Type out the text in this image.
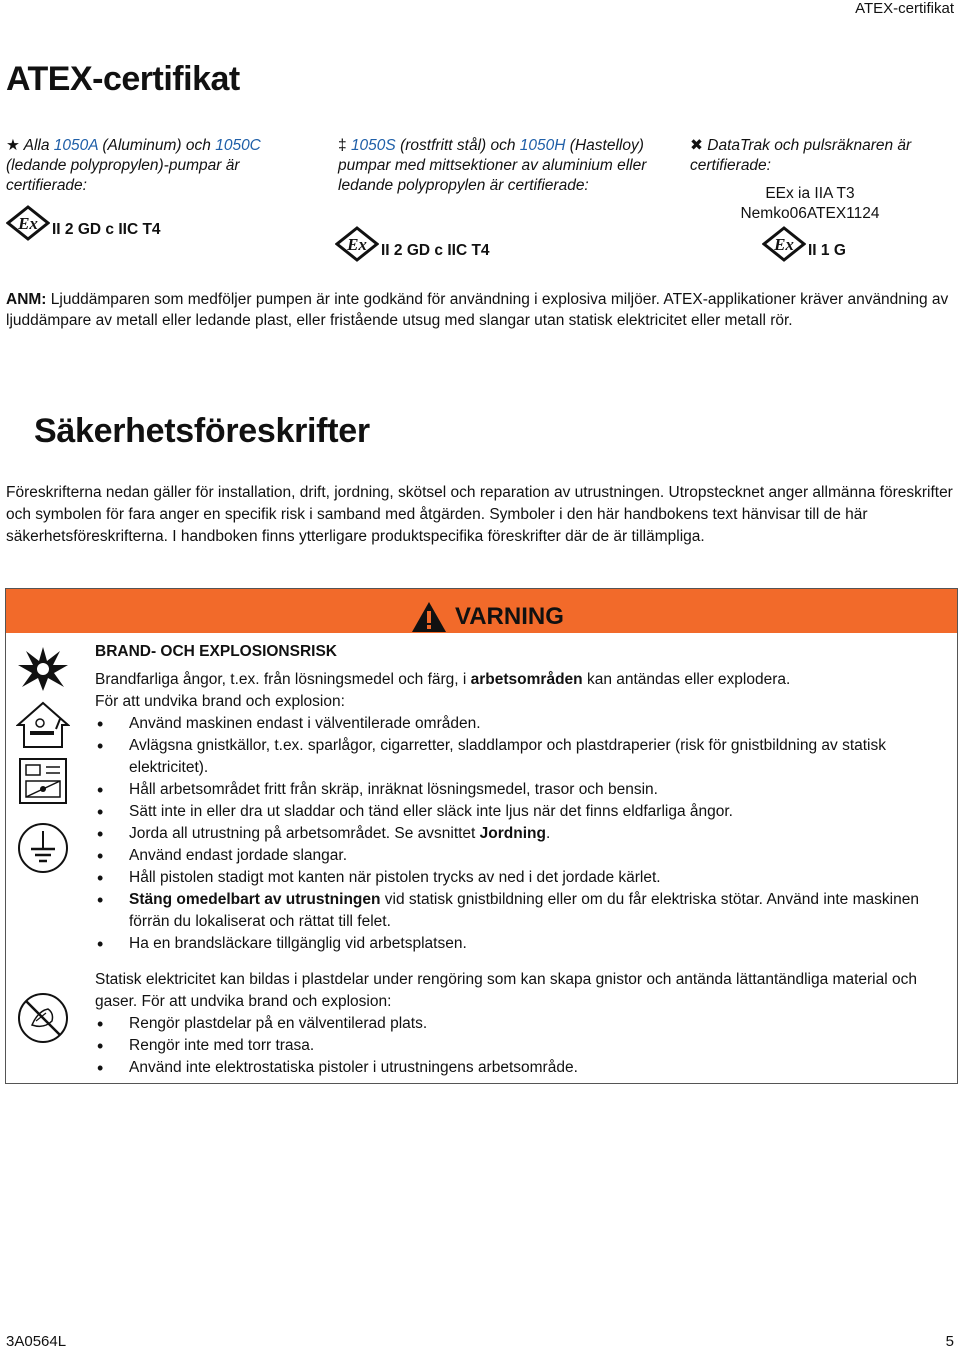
ATEX-certifikat
ATEX-certifikat

★ Alla 1050A (Aluminum) och 1050C (ledande polypropylen)-pumpar är certifierade:

Ex II 2 GD c IIC T4

‡ 1050S (rostfritt stål) och 1050H (Hastelloy) pumpar med mittsektioner av aluminium eller ledande polypropylen är certifierade:

Ex II 2 GD c IIC T4

✖ DataTrak och pulsräknaren är certifierade:

EEx ia IIA T3

Nemko06ATEX1124

Ex II 1 G

ANM: Ljuddämparen som medföljer pumpen är inte godkänd för användning i explosiva miljöer. ATEX-applikationer kräver användning av ljuddämpare av metall eller ledande plast, eller fristående utsug med slangar utan statisk elektricitet eller metall rör.

Säkerhetsföreskrifter

Föreskrifterna nedan gäller för installation, drift, jordning, skötsel och reparation av utrustningen. Utropstecknet anger allmänna föreskrifter och symbolen för fara anger en specifik risk i samband med åtgärden. Symboler i den här handbokens text hänvisar till de här säkerhetsföreskrifterna. I handboken finns ytterligare produktspecifika föreskrifter där de är tillämpliga.

VARNING

BRAND- OCH EXPLOSIONSRISK

Brandfarliga ångor, t.ex. från lösningsmedel och färg, i arbetsområden kan antändas eller explodera.

För att undvika brand och explosion:

• Använd maskinen endast i välventilerade områden.
• Avlägsna gnistkällor, t.ex. sparlågor, cigarretter, sladdlampor och plastdraperier (risk för gnistbildning av statisk elektricitet).
• Håll arbetsområdet fritt från skräp, inräknat lösningsmedel, trasor och bensin.
• Sätt inte in eller dra ut sladdar och tänd eller släck inte ljus när det finns eldfarliga ångor.
• Jorda all utrustning på arbetsområdet. Se avsnittet Jordning.
• Använd endast jordade slangar.
• Håll pistolen stadigt mot kanten när pistolen trycks av ned i det jordade kärlet.
• Stäng omedelbart av utrustningen vid statisk gnistbildning eller om du får elektriska stötar. Använd inte maskinen förrän du lokaliserat och rättat till felet.
• Ha en brandsläckare tillgänglig vid arbetsplatsen.

Statisk elektricitet kan bildas i plastdelar under rengöring som kan skapa gnistor och antända lättantändliga material och gaser. För att undvika brand och explosion:

• Rengör plastdelar på en välventilerad plats.
• Rengör inte med torr trasa.
• Använd inte elektrostatiska pistoler i utrustningens arbetsområde.
3A0564L	5
